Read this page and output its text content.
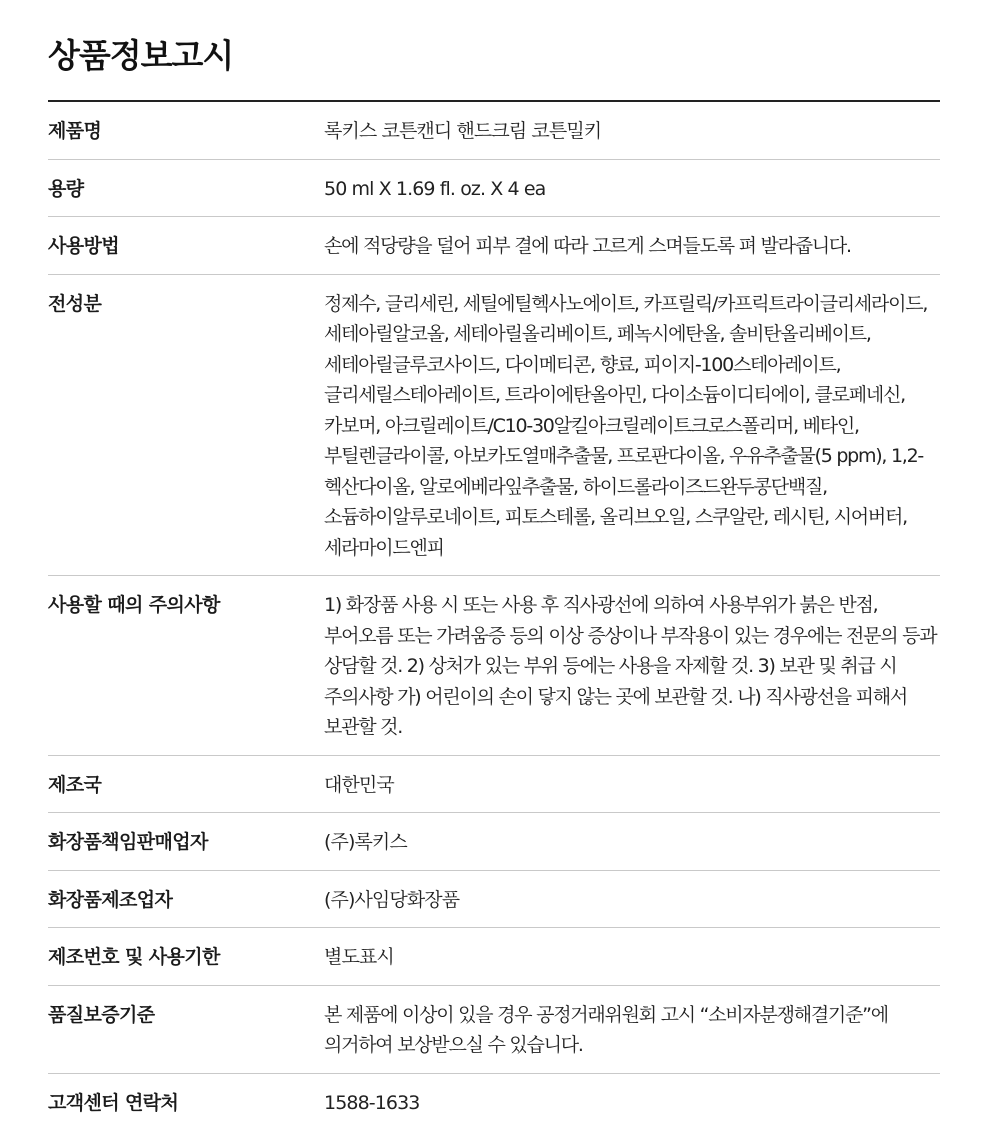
상품정보고시
제품명	록키스 코튼캔디 핸드크림 코튼밀키
용량	50 ml X 1.69 fl. oz. X 4 ea
사용방법	손에 적당량을 덜어 피부 결에 따라 고르게 스며들도록 펴 발라줍니다.
전성분	정제수, 글리세린, 세틸에틸헥사노에이트, 카프릴릭/카프릭트라이글리세라이드, 세테아릴알코올, 세테아릴올리베이트, 페녹시에탄올, 솔비탄올리베이트, 세테아릴글루코사이드, 다이메티콘, 향료, 피이지-100스테아레이트, 글리세릴스테아레이트, 트라이에탄올아민, 다이소듐이디티에이, 클로페네신, 카보머, 아크릴레이트/C10-30알킬아크릴레이트크로스폴리머, 베타인, 부틸렌글라이콜, 아보카도열매추출물, 프로판다이올, 우유추출물(5 ppm), 1,2-헥산다이올, 알로에베라잎추출물, 하이드롤라이즈드완두콩단백질, 소듐하이알루로네이트, 피토스테롤, 올리브오일, 스쿠알란, 레시틴, 시어버터, 세라마이드엔피
사용할 때의 주의사항	1) 화장품 사용 시 또는 사용 후 직사광선에 의하여 사용부위가 붉은 반점, 부어오름 또는 가려움증 등의 이상 증상이나 부작용이 있는 경우에는 전문의 등과 상담할 것. 2) 상처가 있는 부위 등에는 사용을 자제할 것. 3) 보관 및 취급 시 주의사항 가) 어린이의 손이 닿지 않는 곳에 보관할 것. 나) 직사광선을 피해서 보관할 것.
제조국	대한민국
화장품책임판매업자	(주)록키스
화장품제조업자	(주)사임당화장품
제조번호 및 사용기한	별도표시
품질보증기준	본 제품에 이상이 있을 경우 공정거래위원회 고시 “소비자분쟁해결기준”에 의거하여 보상받으실 수 있습니다.
고객센터 연락처	1588-1633
